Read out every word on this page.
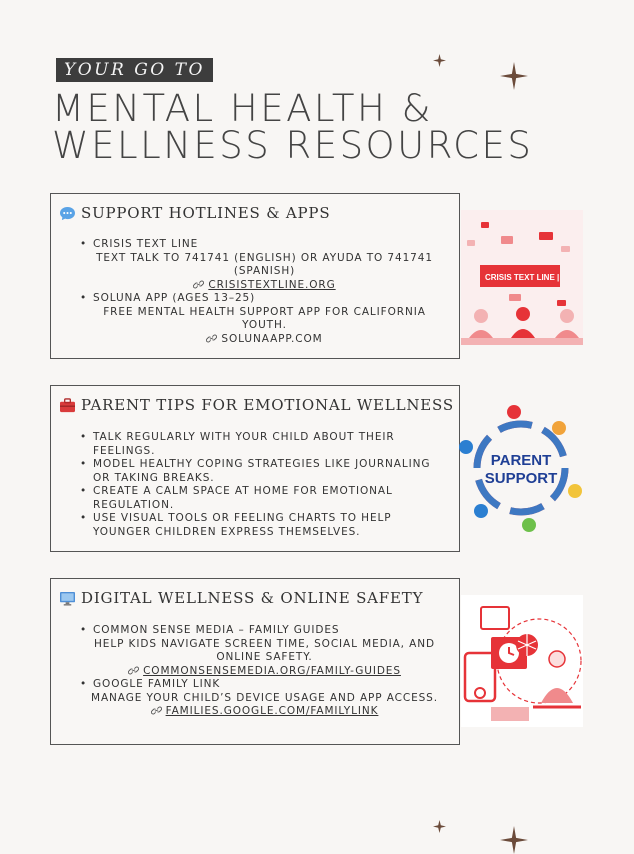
YOUR GO TO
MENTAL HEALTH &
WELLNESS RESOURCES
SUPPORT HOTLINES & APPS
• CRISIS TEXT LINE
TEXT TALK TO 741741 (ENGLISH) OR AYUDA TO 741741 (SPANISH)
CRISISTEXTLINE.ORG
• SOLUNA APP (AGES 13–25)
FREE MENTAL HEALTH SUPPORT APP FOR CALIFORNIA YOUTH.
SOLUNAAPP.COM
CRISIS TEXT LINE |
PARENT TIPS FOR EMOTIONAL WELLNESS
• TALK REGULARLY WITH YOUR CHILD ABOUT THEIR FEELINGS.
• MODEL HEALTHY COPING STRATEGIES LIKE JOURNALING OR TAKING BREAKS.
• CREATE A CALM SPACE AT HOME FOR EMOTIONAL REGULATION.
• USE VISUAL TOOLS OR FEELING CHARTS TO HELP YOUNGER CHILDREN EXPRESS THEMSELVES.
PARENT
SUPPORT
DIGITAL WELLNESS & ONLINE SAFETY
• COMMON SENSE MEDIA – FAMILY GUIDES
HELP KIDS NAVIGATE SCREEN TIME, SOCIAL MEDIA, AND ONLINE SAFETY.
COMMONSENSEMEDIA.ORG/FAMILY-GUIDES
• GOOGLE FAMILY LINK
MANAGE YOUR CHILD’S DEVICE USAGE AND APP ACCESS.
FAMILIES.GOOGLE.COM/FAMILYLINK
